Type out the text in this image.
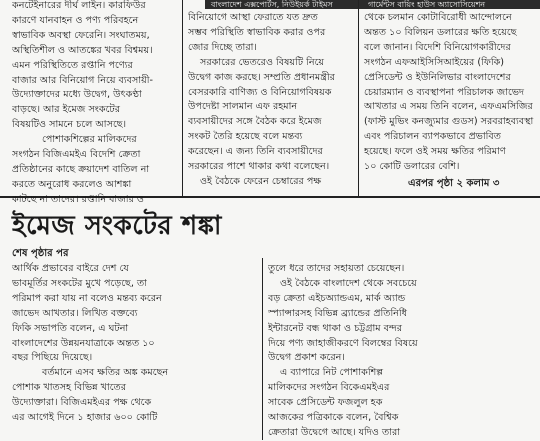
বাংলাদেশ এক্সপোর্টস, নিউইয়র্ক টাইমস	গার্মেন্টস বায়িং হাউস অ্যাসোসিয়েশন

কনটেইনারের দীর্ঘ লাইন। কারফিউর

কারণে যানবাহন ও পণ্য পরিবহনে

স্বাভাবিক অবস্থা ফেরেনি। সংঘাতময়,

অস্থিতিশীল ও আতঙ্কের খবর বিশ্বময়।

এমন পরিস্থিতিতে রপ্তানি পণ্যের

বাজার আর বিনিয়োগ নিয়ে ব্যবসায়ী-

উদ্যোক্তাদের মধ্যে উদ্বেগ, উৎকণ্ঠা

বাড়ছে। আর ইমেজ সংকটের

বিষয়টিও সামনে চলে আসছে।

পোশাকশিল্পের মালিকদের

সংগঠন বিজিএমইএ বিদেশি ক্রেতা

প্রতিষ্ঠানের কাছে ক্রয়াদেশ বাতিল না

করতে অনুরোধ করলেও আশঙ্কা

কাটছে না তাদের। রপ্তানি বাজার ও

বিনিয়োগে আস্থা ফেরাতে যত দ্রুত

সম্ভব পরিস্থিতি স্বাভাবিক করার ওপর

জোর দিচ্ছে তারা।

সরকারের ভেতরেও বিষয়টি নিয়ে

উদ্বেগ কাজ করছে। সম্প্রতি প্রধানমন্ত্রীর

বেসরকারি বাণিজ্য ও বিনিয়োগবিষয়ক

উপদেষ্টা সালমান এফ রহমান

ব্যবসায়ীদের সঙ্গে বৈঠক করে ইমেজ

সংকট তৈরি হয়েছে বলে মন্তব্য

করেছেন। এ জন্য তিনি ব্যবসায়ীদের

সরকারের পাশে থাকার কথা বলেছেন।

ওই বৈঠকে ফেরেন চেম্বারের পক্ষ

থেকে চলমান কোটাবিরোধী আন্দোলনে

অন্তত ১০ বিলিয়ন ডলারের ক্ষতি হয়েছে

বলে জানান। বিদেশি বিনিয়োগকারীদের

সংগঠন এফআইসিসিআইয়ের (ফিকি)

প্রেসিডেন্ট ও ইউনিলিভার বাংলাদেশের

চেয়ারম্যান ও ব্যবস্থাপনা পরিচালক জাভেদ

আখতার এ সময় তিনি বলেন, এফএমসিজির

(ফাস্ট মুভিং কনজ্যুমার গুডস) সরবরাহব্যবস্থা

এবং পরিচালন ব্যাপকভাবে প্রভাবিত

হয়েছে। ফলে ওই সময় ক্ষতির পরিমাণ

১০ কোটি ডলারের বেশি।

এরপর পৃষ্ঠা ২ কলাম ৩
ইমেজ সংকটের শঙ্কা
শেষ পৃষ্ঠার পর

আর্থিক প্রভাবের বাইরে দেশ যে

ভাবমূর্তির সংকটের মুখে পড়েছে, তা

পরিমাপ করা যায় না বলেও মন্তব্য করেন

জাভেদ আখতার। লিখিত বক্তব্যে

ফিকি সভাপতি বলেন, এ ঘটনা

বাংলাদেশের উন্নয়নযাত্রাকে অন্তত ১০

বছর পিছিয়ে দিয়েছে।

বর্তমানে এসব ক্ষতির অঙ্ক কমছেন

পোশাক খাতসহ বিভিন্ন খাতের

উদ্যোক্তারা। বিজিএমইএর পক্ষ থেকে

এর আগেই দিনে ১ হাজার ৬০০ কোটি

তুলে ধরে তাদের সহায়তা চেয়েছেন।

ওই বৈঠকে বাংলাদেশ থেকে সবচেয়ে

বড় ক্রেতা এইচঅ্যান্ডএম, মার্ক অ্যান্ড

স্প্যান্সারসহ বিভিন্ন ব্র্যান্ডের প্রতিনিধি

ইন্টারনেট বন্ধ থাকা ও চট্টগ্রাম বন্দর

দিয়ে পণ্য জাহাজীকরণে বিলম্বের বিষয়ে

উদ্বেগ প্রকাশ করেন।

এ ব্যাপারে নিট পোশাকশিল্প

মালিকদের সংগঠন বিকেএমইএর

সাবেক প্রেসিডেন্ট ফজলুল হক

আজকের পত্রিকাকে বলেন, বৈশ্বিক

ক্রেতারা উদ্বেগে আছে। যদিও তারা
